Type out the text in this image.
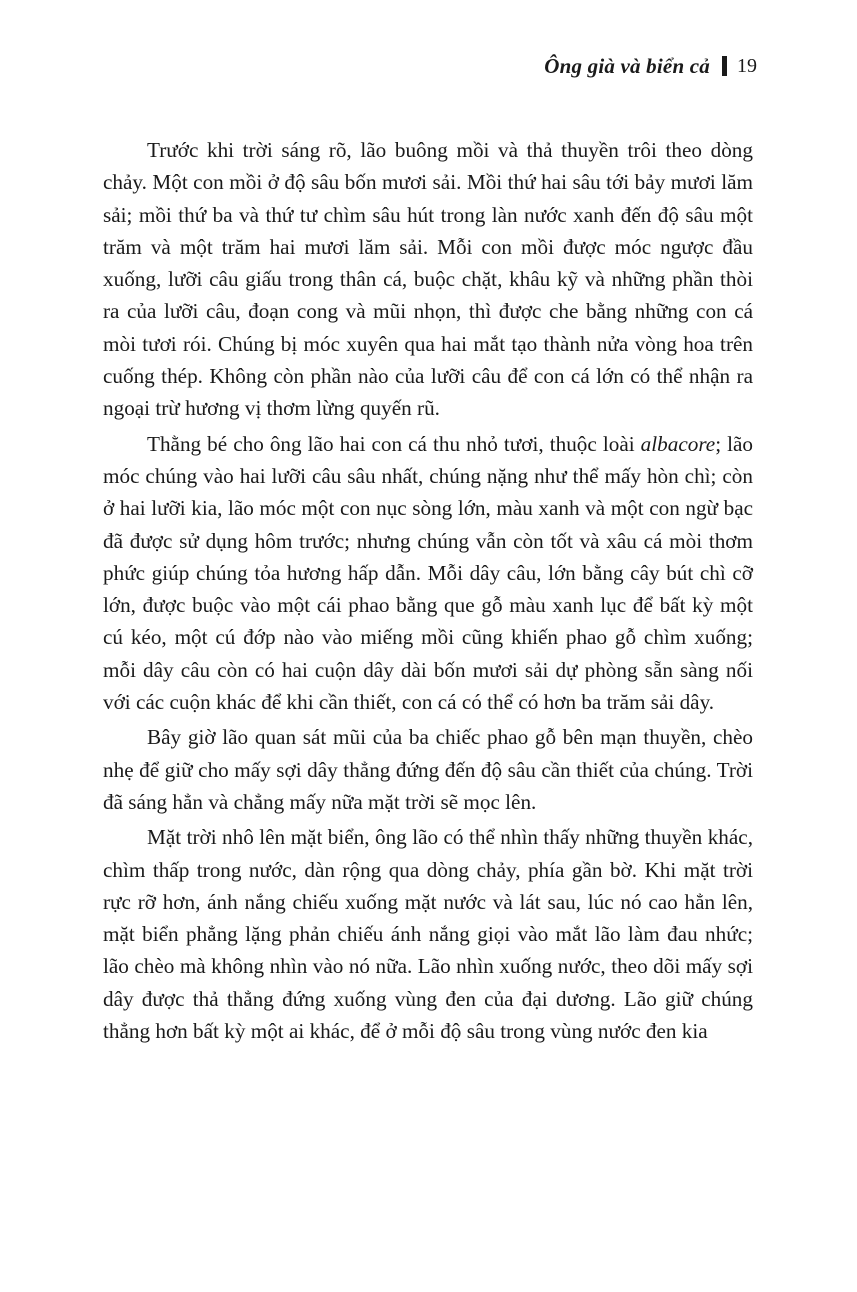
Ông già và biển cả 19

Trước khi trời sáng rõ, lão buông mồi và thả thuyền trôi theo dòng chảy. Một con mồi ở độ sâu bốn mươi sải. Mồi thứ hai sâu tới bảy mươi lăm sải; mồi thứ ba và thứ tư chìm sâu hút trong làn nước xanh đến độ sâu một trăm và một trăm hai mươi lăm sải. Mỗi con mồi được móc ngược đầu xuống, lưỡi câu giấu trong thân cá, buộc chặt, khâu kỹ và những phần thòi ra của lưỡi câu, đoạn cong và mũi nhọn, thì được che bằng những con cá mòi tươi rói. Chúng bị móc xuyên qua hai mắt tạo thành nửa vòng hoa trên cuống thép. Không còn phần nào của lưỡi câu để con cá lớn có thể nhận ra ngoại trừ hương vị thơm lừng quyến rũ.

Thằng bé cho ông lão hai con cá thu nhỏ tươi, thuộc loài albacore; lão móc chúng vào hai lưỡi câu sâu nhất, chúng nặng như thể mấy hòn chì; còn ở hai lưỡi kia, lão móc một con nục sòng lớn, màu xanh và một con ngừ bạc đã được sử dụng hôm trước; nhưng chúng vẫn còn tốt và xâu cá mòi thơm phức giúp chúng tỏa hương hấp dẫn. Mỗi dây câu, lớn bằng cây bút chì cỡ lớn, được buộc vào một cái phao bằng que gỗ màu xanh lục để bất kỳ một cú kéo, một cú đớp nào vào miếng mồi cũng khiến phao gỗ chìm xuống; mỗi dây câu còn có hai cuộn dây dài bốn mươi sải dự phòng sẵn sàng nối với các cuộn khác để khi cần thiết, con cá có thể có hơn ba trăm sải dây.

Bây giờ lão quan sát mũi của ba chiếc phao gỗ bên mạn thuyền, chèo nhẹ để giữ cho mấy sợi dây thẳng đứng đến độ sâu cần thiết của chúng. Trời đã sáng hẳn và chẳng mấy nữa mặt trời sẽ mọc lên.

Mặt trời nhô lên mặt biển, ông lão có thể nhìn thấy những thuyền khác, chìm thấp trong nước, dàn rộng qua dòng chảy, phía gần bờ. Khi mặt trời rực rỡ hơn, ánh nắng chiếu xuống mặt nước và lát sau, lúc nó cao hẳn lên, mặt biển phẳng lặng phản chiếu ánh nắng giọi vào mắt lão làm đau nhức; lão chèo mà không nhìn vào nó nữa. Lão nhìn xuống nước, theo dõi mấy sợi dây được thả thẳng đứng xuống vùng đen của đại dương. Lão giữ chúng thẳng hơn bất kỳ một ai khác, để ở mỗi độ sâu trong vùng nước đen kia
